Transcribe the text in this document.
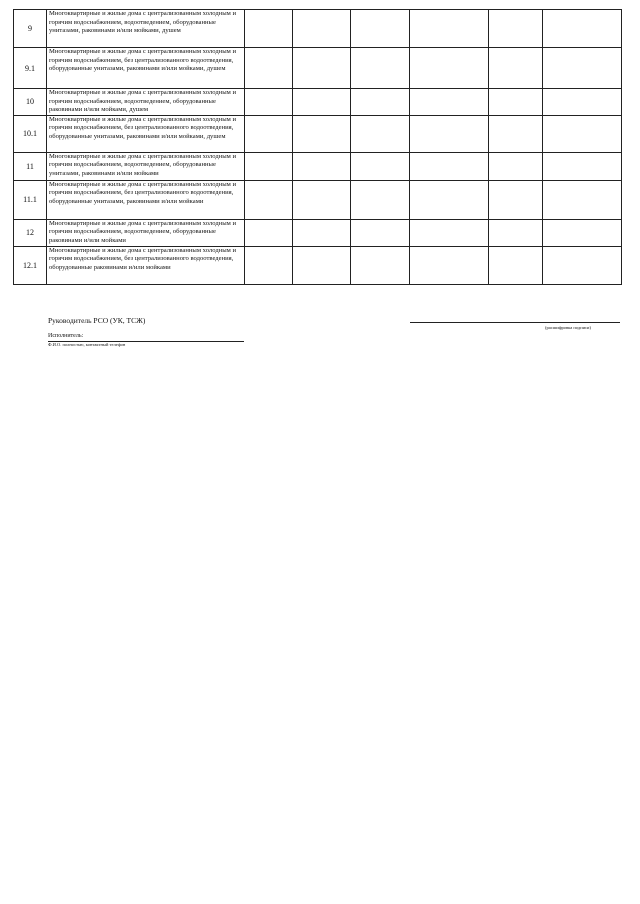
9	Многоквартирные и жилые дома с централизованным холодным и горячим водоснабжением, водоотведением, оборудованные унитазами, раковинами и/или мойками, душем						
9.1	Многоквартирные и жилые дома с централизованным холодным и горячим водоснабжением, без централизованного водоотведения, оборудованные унитазами, раковинами и/или мойками, душем						
10	Многоквартирные и жилые дома с централизованным холодным и горячим водоснабжением, водоотведением, оборудованные раковинами и/или мойками, душем						
10.1	Многоквартирные и жилые дома с централизованным холодным и горячим водоснабжением, без централизованного водоотведения, оборудованные унитазами, раковинами и/или мойками, душем						
11	Многоквартирные и жилые дома с централизованным холодным и горячим водоснабжением, водоотведением, оборудованные унитазами, раковинами и/или мойками						
11.1	Многоквартирные и жилые дома с централизованным холодным и горячим водоснабжением, без централизованного водоотведения, оборудованные унитазами, раковинами и/или мойками						
12	Многоквартирные и жилые дома с централизованным холодным и горячим водоснабжением, водоотведением, оборудованные раковинами и/или мойками						
12.1	Многоквартирные и жилые дома с централизованным холодным и горячим водоснабжением, без централизованного водоотведения, оборудованные раковинами и/или мойками						
Руководитель РСО (УК, ТСЖ)
(расшифровка подписи)
Исполнитель:
Ф.И.О. полностью, контактный телефон
